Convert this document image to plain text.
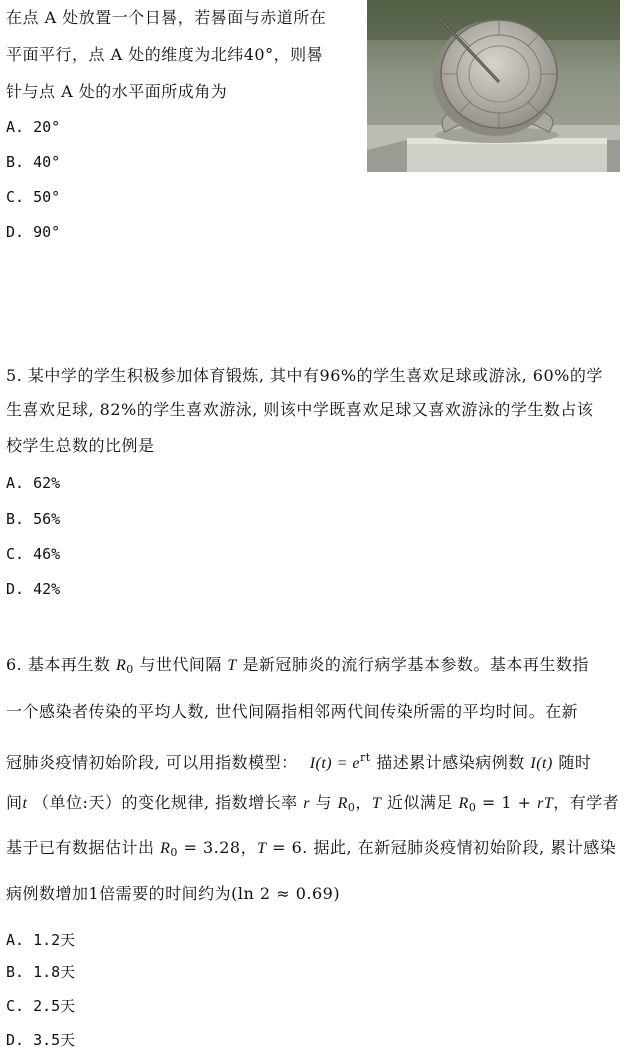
在点 A 处放置一个日晷，若晷面与赤道所在
平面平行，点 A 处的维度为北纬40°，则晷
针与点 A 处的水平面所成角为
A. 20°
B. 40°
C. 50°
D. 90°
5. 某中学的学生积极参加体育锻炼, 其中有96%的学生喜欢足球或游泳, 60%的学
生喜欢足球, 82%的学生喜欢游泳, 则该中学既喜欢足球又喜欢游泳的学生数占该
校学生总数的比例是
A. 62%
B. 56%
C. 46%
D. 42%
6. 基本再生数 $R_0$ 与世代间隔 T 是新冠肺炎的流行病学基本参数。基本再生数指
一个感染者传染的平均人数, 世代间隔指相邻两代间传染所需的平均时间。在新
冠肺炎疫情初始阶段, 可以用指数模型： $I(t) = e^{rt}$ 描述累计感染病例数 I(t) 随时
间t （单位:天）的变化规律, 指数增长率 r 与 $R_0$，T 近似满足 $R_0 = 1$ + rT，有学者
基于已有数据估计出 $R_0 = 3.28$，T = 6. 据此, 在新冠肺炎疫情初始阶段, 累计感染
病例数增加1倍需要的时间约为(ln 2 ≈ 0.69)
A. 1.2天
B. 1.8天
C. 2.5天
D. 3.5天
